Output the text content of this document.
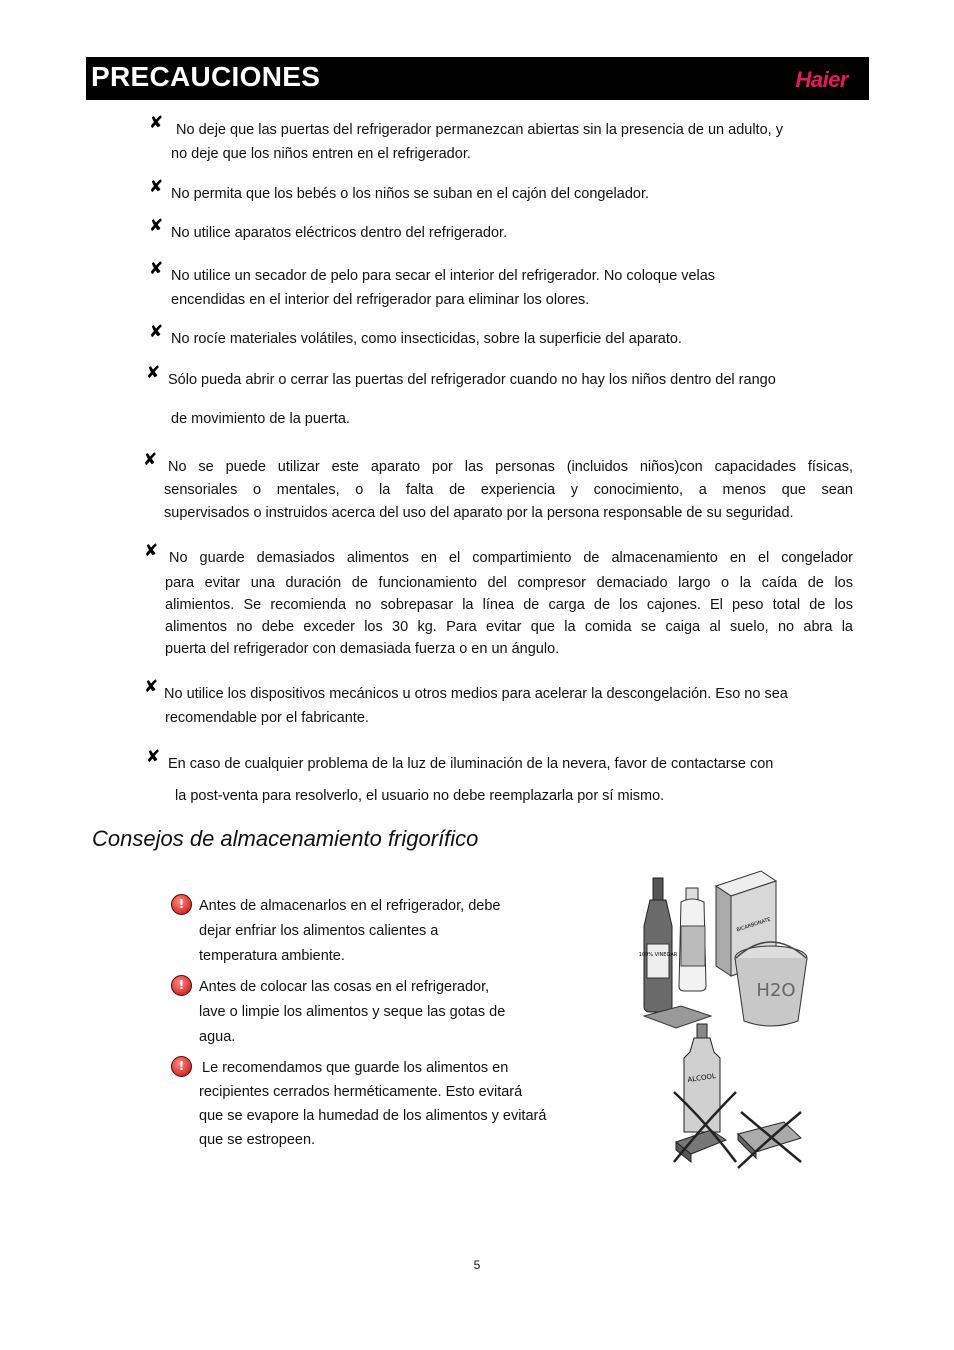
PRECAUCIONES	Haier
✘ No deje que las puertas del refrigerador permanezcan abiertas sin la presencia de un adulto, y

no deje que los niños entren en el refrigerador.

✘ No permita que los bebés o los niños se suban en el cajón del congelador.

✘ No utilice aparatos eléctricos dentro del refrigerador.

✘ No utilice un secador de pelo para secar el interior del refrigerador. No coloque velas

encendidas en el interior del refrigerador para eliminar los olores.

✘ No rocíe materiales volátiles, como insecticidas, sobre la superficie del aparato.

✘ Sólo pueda abrir o cerrar las puertas del refrigerador cuando no hay los niños dentro del rango

de movimiento de la puerta.

✘ No se puede utilizar este aparato por las personas (incluidos niños)con capacidades físicas,

sensoriales o mentales, o la falta de experiencia y conocimiento, a menos que sean

supervisados o instruidos acerca del uso del aparato por la persona responsable de su seguridad.

✘ No guarde demasiados alimentos en el compartimiento de almacenamiento en el congelador

para evitar una duración de funcionamiento del compresor demaciado largo o la caída de los

alimientos. Se recomienda no sobrepasar la línea de carga de los cajones. El peso total de los

alimentos no debe exceder los 30 kg. Para evitar que la comida se caiga al suelo, no abra la

puerta del refrigerador con demasiada fuerza o en un ángulo.

✘ No utilice los dispositivos mecánicos u otros medios para acelerar la descongelación. Eso no sea

recomendable por el fabricante.

✘ En caso de cualquier problema de la luz de iluminación de la nevera, favor de contactarse con

la post-venta para resolverlo, el usuario no debe reemplazarla por sí mismo.

Consejos de almacenamiento frigorífico
!	Antes de almacenarlos en el refrigerador, debe

dejar enfriar los alimentos calientes a

temperatura ambiente.

!	Antes de colocar las cosas en el refrigerador,

lave o limpie los alimentos y seque las gotas de

agua.

!	Le recomendamos que guarde los alimentos en

recipientes cerrados herméticamente. Esto evitará

que se evapore la humedad de los alimentos y evitará

que se estropeen.

100% VINEGAR
BICARBONATE
H2O
ALCOOL
5
